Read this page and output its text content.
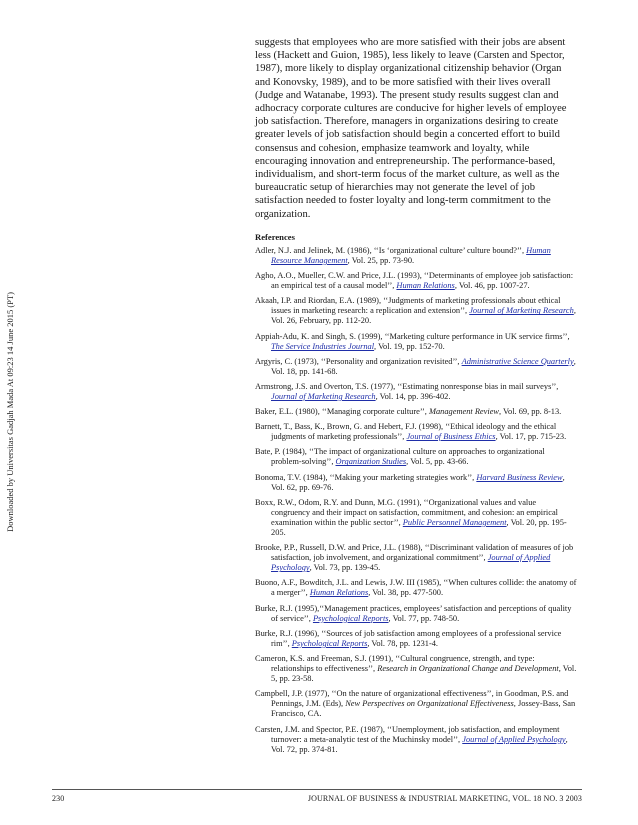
Downloaded by Universitas Gadjah Mada At 09:23 14 June 2015 (PT)

suggests that employees who are more satisfied with their jobs are absent less (Hackett and Guion, 1985), less likely to leave (Carsten and Spector, 1987), more likely to display organizational citizenship behavior (Organ and Konovsky, 1989), and to be more satisfied with their lives overall (Judge and Watanabe, 1993). The present study results suggest clan and adhocracy corporate cultures are conducive for higher levels of employee job satisfaction. Therefore, managers in organizations desiring to create greater levels of job satisfaction should begin a concerted effort to build consensus and cohesion, emphasize teamwork and loyalty, while encouraging innovation and entrepreneurship. The performance-based, individualism, and short-term focus of the market culture, as well as the bureaucratic setup of hierarchies may not generate the level of job satisfaction needed to foster loyalty and long-term commitment to the organization.

References
Adler, N.J. and Jelinek, M. (1986), ‘‘Is ‘organizational culture’ culture bound?’’, Human Resource Management, Vol. 25, pp. 73-90.
Agho, A.O., Mueller, C.W. and Price, J.L. (1993), ‘‘Determinants of employee job satisfaction: an empirical test of a causal model’’, Human Relations, Vol. 46, pp. 1007-27.
Akaah, I.P. and Riordan, E.A. (1989), ‘‘Judgments of marketing professionals about ethical issues in marketing research: a replication and extension’’, Journal of Marketing Research, Vol. 26, February, pp. 112-20.
Appiah-Adu, K. and Singh, S. (1999), ‘‘Marketing culture performance in UK service firms’’, The Service Industries Journal, Vol. 19, pp. 152-70.
Argyris, C. (1973), ‘‘Personality and organization revisited’’, Administrative Science Quarterly, Vol. 18, pp. 141-68.
Armstrong, J.S. and Overton, T.S. (1977), ‘‘Estimating nonresponse bias in mail surveys’’, Journal of Marketing Research, Vol. 14, pp. 396-402.
Baker, E.L. (1980), ‘‘Managing corporate culture’’, Management Review, Vol. 69, pp. 8-13.
Barnett, T., Bass, K., Brown, G. and Hebert, F.J. (1998), ‘‘Ethical ideology and the ethical judgments of marketing professionals’’, Journal of Business Ethics, Vol. 17, pp. 715-23.
Bate, P. (1984), ‘‘The impact of organizational culture on approaches to organizational problem-solving’’, Organization Studies, Vol. 5, pp. 43-66.
Bonoma, T.V. (1984), ‘‘Making your marketing strategies work’’, Harvard Business Review, Vol. 62, pp. 69-76.
Boxx, R.W., Odom, R.Y. and Dunn, M.G. (1991), ‘‘Organizational values and value congruency and their impact on satisfaction, commitment, and cohesion: an empirical examination within the public sector’’, Public Personnel Management, Vol. 20, pp. 195-205.
Brooke, P.P., Russell, D.W. and Price, J.L. (1988), ‘‘Discriminant validation of measures of job satisfaction, job involvement, and organizational commitment’’, Journal of Applied Psychology, Vol. 73, pp. 139-45.
Buono, A.F., Bowditch, J.L. and Lewis, J.W. III (1985), ‘‘When cultures collide: the anatomy of a merger’’, Human Relations, Vol. 38, pp. 477-500.
Burke, R.J. (1995),‘‘Management practices, employees’ satisfaction and perceptions of quality of service’’, Psychological Reports, Vol. 77, pp. 748-50.
Burke, R.J. (1996), ‘‘Sources of job satisfaction among employees of a professional service rim’’, Psychological Reports, Vol. 78, pp. 1231-4.
Cameron, K.S. and Freeman, S.J. (1991), ‘‘Cultural congruence, strength, and type: relationships to effectiveness’’, Research in Organizational Change and Development, Vol. 5, pp. 23-58.
Campbell, J.P. (1977), ‘‘On the nature of organizational effectiveness’’, in Goodman, P.S. and Pennings, J.M. (Eds), New Perspectives on Organizational Effectiveness, Jossey-Bass, San Francisco, CA.
Carsten, J.M. and Spector, P.E. (1987), ‘‘Unemployment, job satisfaction, and employment turnover: a meta-analytic test of the Muchinsky model’’, Journal of Applied Psychology, Vol. 72, pp. 374-81.
230	JOURNAL OF BUSINESS & INDUSTRIAL MARKETING, VOL. 18 NO. 3 2003
